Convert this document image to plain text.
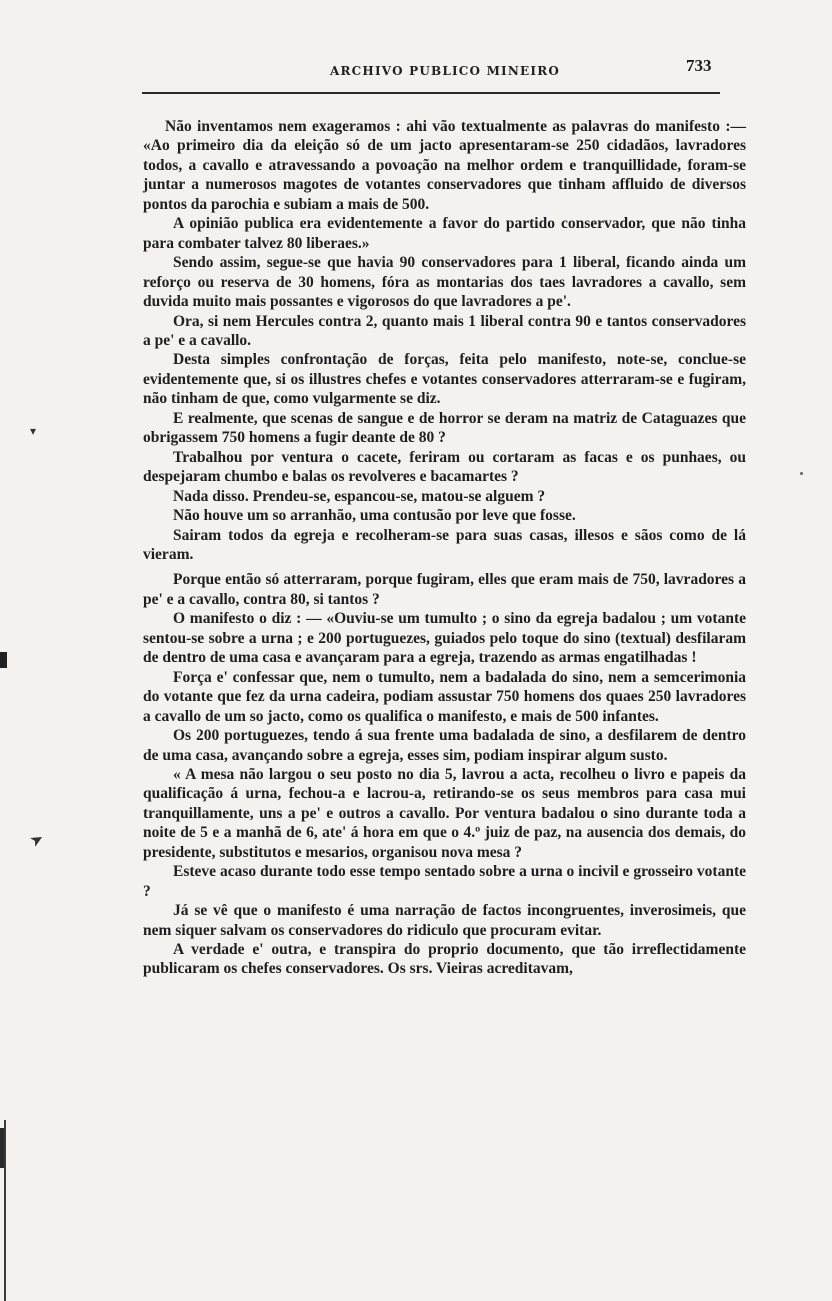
ARCHIVO PUBLICO MINEIRO	733

Não inventamos nem exageramos : ahi vão textualmente as palavras do manifesto :— «Ao primeiro dia da eleição só de um jacto apresentaram-se 250 cidadãos, lavradores todos, a cavallo e atravessando a povoação na melhor ordem e tranquillidade, foram-se juntar a numerosos magotes de votantes conservadores que tinham affluido de diversos pontos da parochia e subiam a mais de 500.

A opinião publica era evidentemente a favor do partido conservador, que não tinha para combater talvez 80 liberaes.»

Sendo assim, segue-se que havia 90 conservadores para 1 liberal, ficando ainda um reforço ou reserva de 30 homens, fóra as montarias dos taes lavradores a cavallo, sem duvida muito mais possantes e vigorosos do que lavradores a pe'.

Ora, si nem Hercules contra 2, quanto mais 1 liberal contra 90 e tantos conservadores a pe' e a cavallo.

Desta simples confrontação de forças, feita pelo manifesto, note-se, conclue-se evidentemente que, si os illustres chefes e votantes conservadores atterraram-se e fugiram, não tinham de que, como vulgarmente se diz.

E realmente, que scenas de sangue e de horror se deram na matriz de Cataguazes que obrigassem 750 homens a fugir deante de 80 ?

Trabalhou por ventura o cacete, feriram ou cortaram as facas e os punhaes, ou despejaram chumbo e balas os revolveres e bacamartes ?

Nada disso. Prendeu-se, espancou-se, matou-se alguem ?

Não houve um so arranhão, uma contusão por leve que fosse.

Sairam todos da egreja e recolheram-se para suas casas, illesos e sãos como de lá vieram.

Porque então só atterraram, porque fugiram, elles que eram mais de 750, lavradores a pe' e a cavallo, contra 80, si tantos ?

O manifesto o diz : — «Ouviu-se um tumulto ; o sino da egreja badalou ; um votante sentou-se sobre a urna ; e 200 portuguezes, guiados pelo toque do sino (textual) desfilaram de dentro de uma casa e avançaram para a egreja, trazendo as armas engatilhadas !

Força e' confessar que, nem o tumulto, nem a badalada do sino, nem a semcerimonia do votante que fez da urna cadeira, podiam assustar 750 homens dos quaes 250 lavradores a cavallo de um so jacto, como os qualifica o manifesto, e mais de 500 infantes.

Os 200 portuguezes, tendo á sua frente uma badalada de sino, a desfilarem de dentro de uma casa, avançando sobre a egreja, esses sim, podiam inspirar algum susto.

« A mesa não largou o seu posto no dia 5, lavrou a acta, recolheu o livro e papeis da qualificação á urna, fechou-a e lacrou-a, retirando-se os seus membros para casa mui tranquillamente, uns a pe' e outros a cavallo. Por ventura badalou o sino durante toda a noite de 5 e a manhã de 6, ate' á hora em que o 4.º juiz de paz, na ausencia dos demais, do presidente, substitutos e mesarios, organisou nova mesa ?

Esteve acaso durante todo esse tempo sentado sobre a urna o incivil e grosseiro votante ?

Já se vê que o manifesto é uma narração de factos incongruentes, inverosimeis, que nem siquer salvam os conservadores do ridiculo que procuram evitar.

A verdade e' outra, e transpira do proprio documento, que tão irreflectidamente publicaram os chefes conservadores. Os srs. Vieiras acreditavam,

▾
➤
